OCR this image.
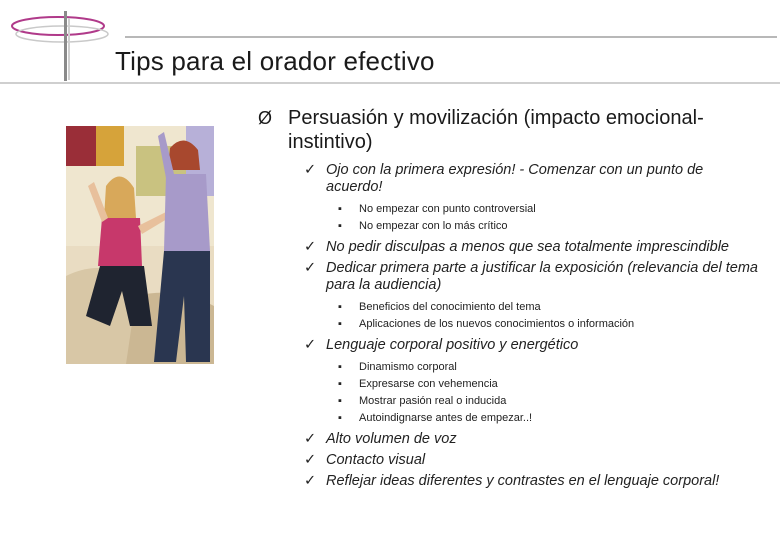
Tips para el orador efectivo
Ø Persuasión y movilización (impacto emocional-instintivo)
✓ Ojo con la primera expresión! - Comenzar con un punto de acuerdo!
▪	No empezar con punto controversial
▪	No empezar con lo más crítico
✓ No pedir disculpas a menos que sea totalmente imprescindible
✓ Dedicar primera parte a justificar la exposición (relevancia del tema para la audiencia)
▪	Beneficios del conocimiento del tema
▪	Aplicaciones de los nuevos conocimientos o información
✓ Lenguaje corporal positivo y energético
▪	Dinamismo corporal
▪	Expresarse con vehemencia
▪	Mostrar pasión real o inducida
▪	Autoindignarse antes de empezar..!
✓ Alto volumen de voz
✓ Contacto visual
✓ Reflejar ideas diferentes y contrastes en el lenguaje corporal!
